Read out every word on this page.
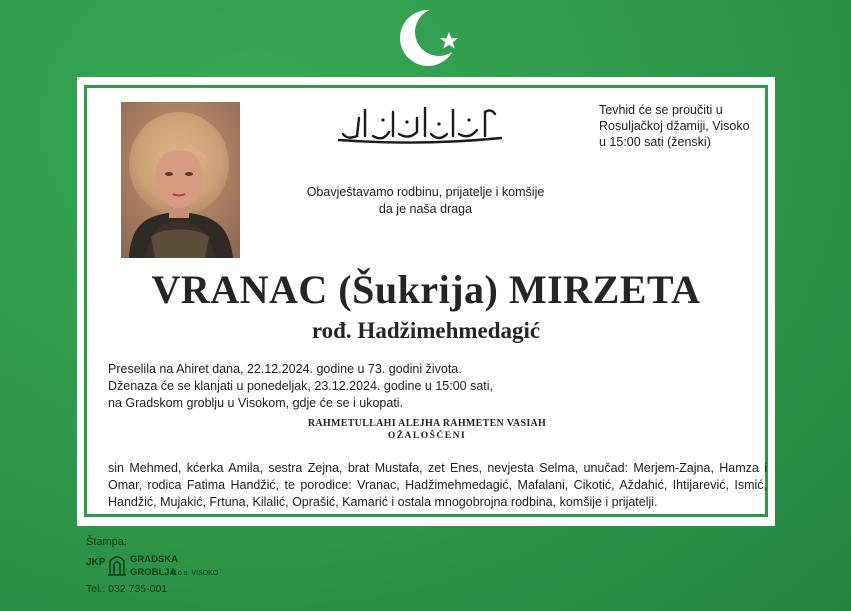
Tevhid će se proučiti u
Rosuljačkoj džamiji, Visoko
u 15:00 sati (ženski)
Obavještavamo rodbinu, prijatelje i komšije
da je naša draga
VRANAC (Šukrija) MIRZETA
rođ. Hadžimehmedagić
Preselila na Ahiret dana, 22.12.2024. godine u 73. godini života.
Dženaza će se klanjati u ponedeljak, 23.12.2024. godine u 15:00 sati,
na Gradskom groblju u Visokom, gdje će se i ukopati.
RAHMETULLAHI ALEJHA RAHMETEN VASIAH
OŽALOŠĆENI
sin Mehmed, kćerka Amila, sestra Zejna, brat Mustafa, zet Enes, nevjesta Selma, unučad: Merjem-Zajna, Hamza i Omar, rodica Fatima Handžić, te porodice: Vranac, Hadžimehmedagić, Mafalani, Cikotić, Aždahić, Ihtijarević, Ismić, Handžić, Mujakić, Frtuna, Kilalić, Oprašić, Kamarić i ostala mnogobrojna rodbina, komšije i prijatelji.
Štampa:
JKP	GRADSKA
GROBLJA
d.o.o. VISOKO
Tel.: 032 735-001
